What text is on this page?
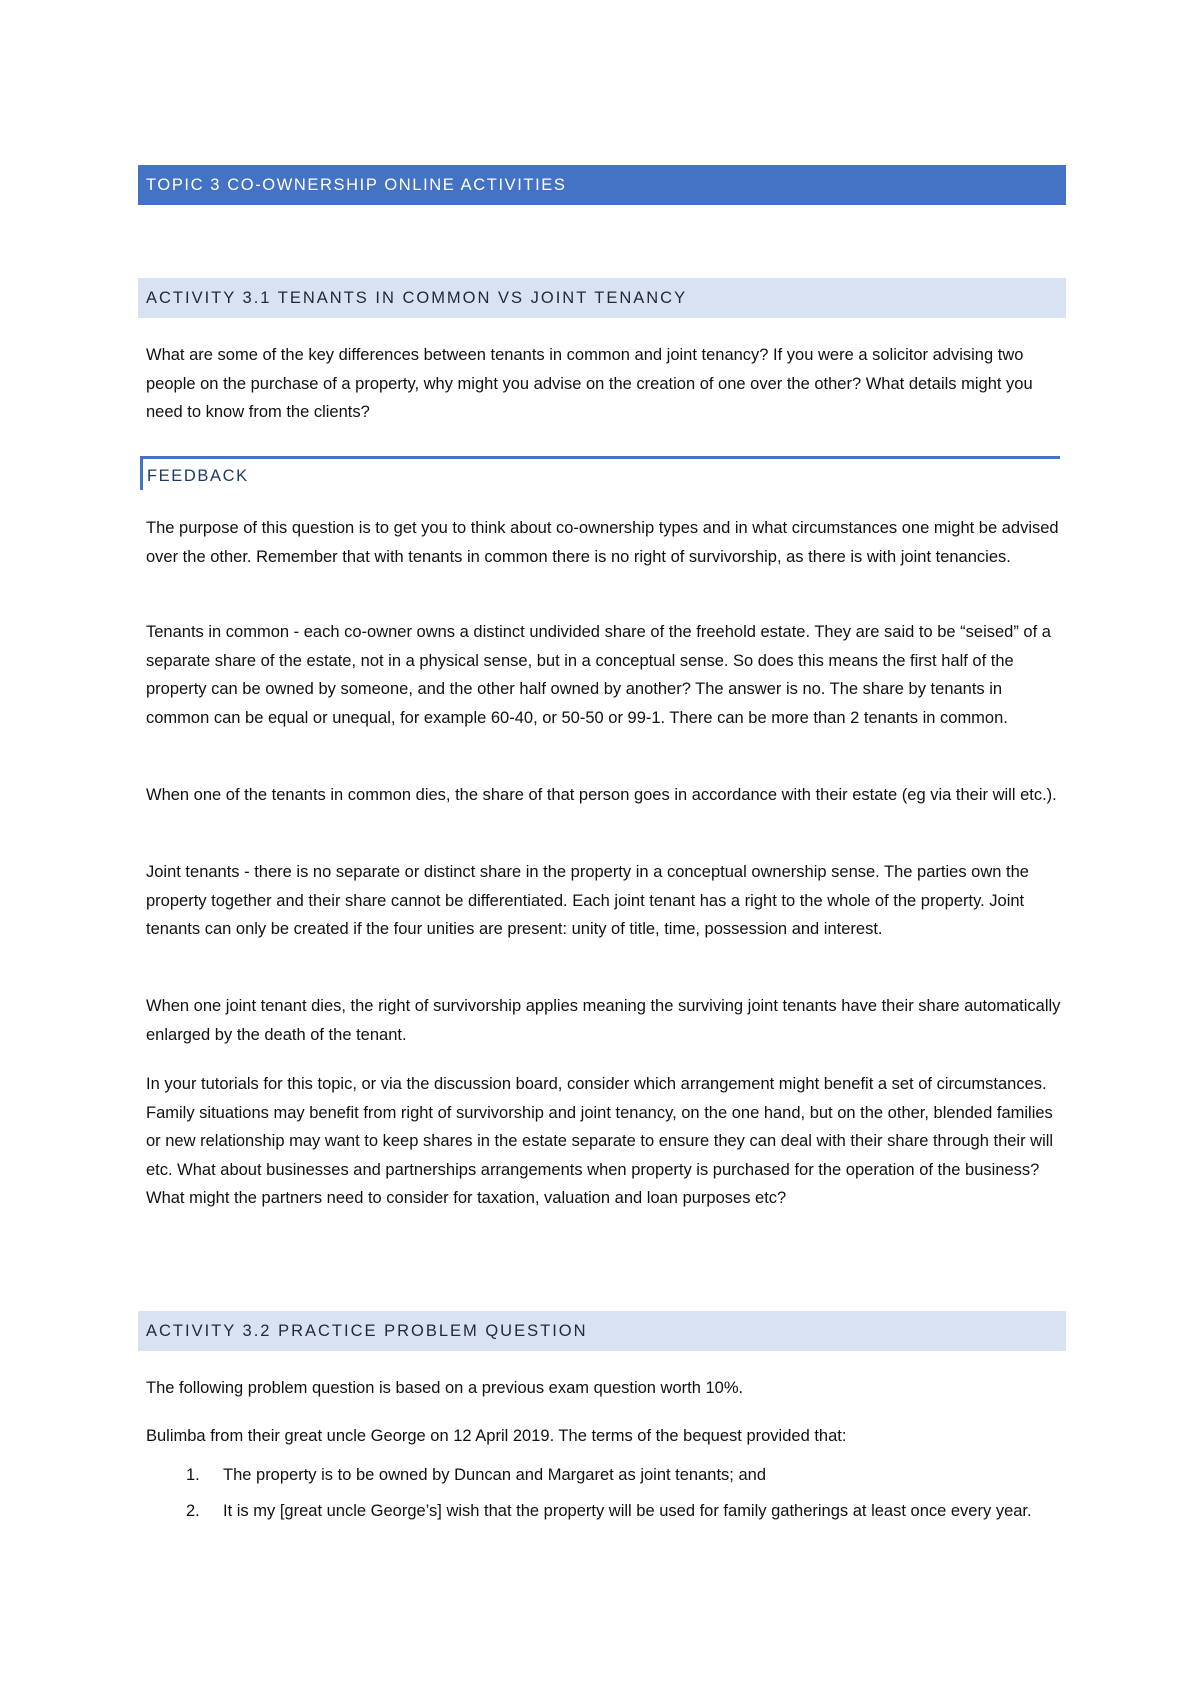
TOPIC 3 CO-OWNERSHIP ONLINE ACTIVITIES
ACTIVITY 3.1 TENANTS IN COMMON VS JOINT TENANCY

What are some of the key differences between tenants in common and joint tenancy? If you were a solicitor advising two people on the purchase of a property, why might you advise on the creation of one over the other? What details might you need to know from the clients?

FEEDBACK

The purpose of this question is to get you to think about co-ownership types and in what circumstances one might be advised over the other. Remember that with tenants in common there is no right of survivorship, as there is with joint tenancies.

Tenants in common - each co-owner owns a distinct undivided share of the freehold estate. They are said to be “seised” of a separate share of the estate, not in a physical sense, but in a conceptual sense. So does this means the first half of the property can be owned by someone, and the other half owned by another? The answer is no. The share by tenants in common can be equal or unequal, for example 60-40, or 50-50 or 99-1. There can be more than 2 tenants in common.

When one of the tenants in common dies, the share of that person goes in accordance with their estate (eg via their will etc.).

Joint tenants - there is no separate or distinct share in the property in a conceptual ownership sense. The parties own the property together and their share cannot be differentiated. Each joint tenant has a right to the whole of the property. Joint tenants can only be created if the four unities are present: unity of title, time, possession and interest.

When one joint tenant dies, the right of survivorship applies meaning the surviving joint tenants have their share automatically enlarged by the death of the tenant.

In your tutorials for this topic, or via the discussion board, consider which arrangement might benefit a set of circumstances. Family situations may benefit from right of survivorship and joint tenancy, on the one hand, but on the other, blended families or new relationship may want to keep shares in the estate separate to ensure they can deal with their share through their will etc. What about businesses and partnerships arrangements when property is purchased for the operation of the business? What might the partners need to consider for taxation, valuation and loan purposes etc?

ACTIVITY 3.2 PRACTICE PROBLEM QUESTION

The following problem question is based on a previous exam question worth 10%.

Bulimba from their great uncle George on 12 April 2019. The terms of the bequest provided that:

1. The property is to be owned by Duncan and Margaret as joint tenants; and
2. It is my [great uncle George’s] wish that the property will be used for family gatherings at least once every year.
